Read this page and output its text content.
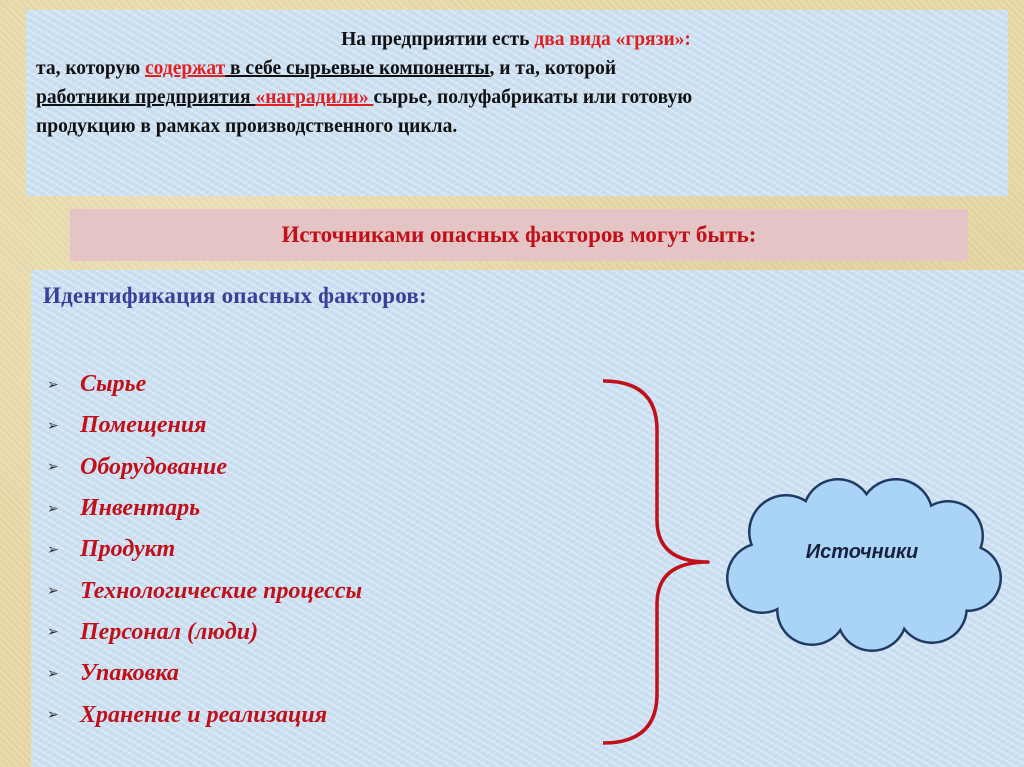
На предприятии есть два вида «грязи»:
та, которую содержат в себе сырьевые компоненты, и та, которой
работники предприятия «наградили» сырье, полуфабрикаты или готовую
продукцию в рамках производственного цикла.
Источниками опасных факторов могут быть:
Идентификация опасных факторов:
➢ Сырье
➢ Помещения
➢ Оборудование
➢ Инвентарь
➢ Продукт
➢ Технологические процессы
➢ Персонал (люди)
➢ Упаковка
➢ Хранение и реализация
Источники
